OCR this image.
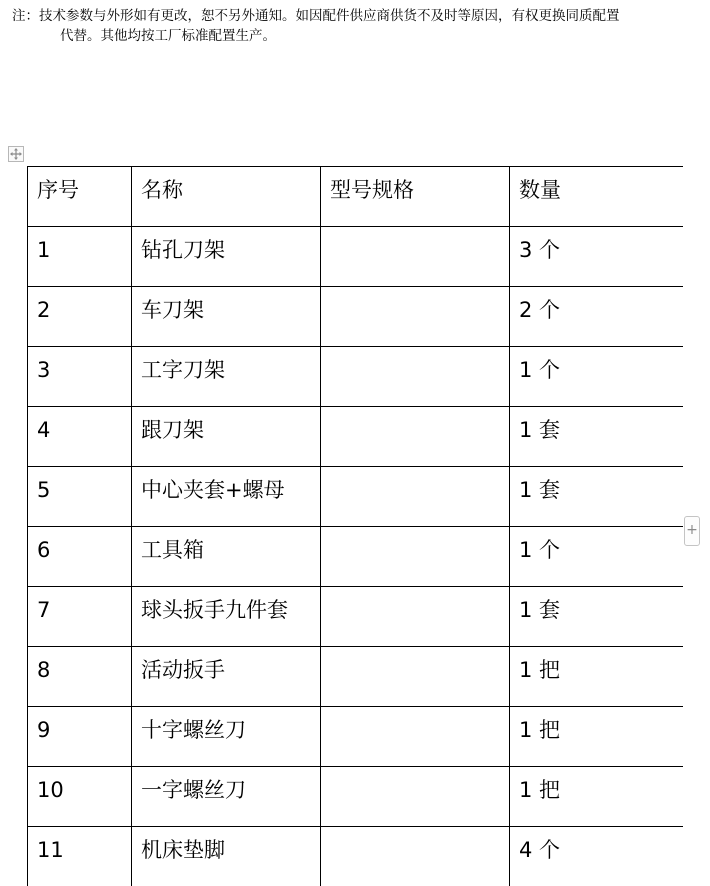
注：技术参数与外形如有更改，恕不另外通知。如因配件供应商供货不及时等原因，有权更换同质配置
代替。其他均按工厂标准配置生产。
+
序号	名称	型号规格	数量

1	钻孔刀架		3 个

2	车刀架		2 个

3	工字刀架		1 个

4	跟刀架		1 套

5	中心夹套+螺母		1 套

6	工具箱		1 个

7	球头扳手九件套		1 套

8	活动扳手		1 把

9	十字螺丝刀		1 把

10	一字螺丝刀		1 把

11	机床垫脚		4 个
